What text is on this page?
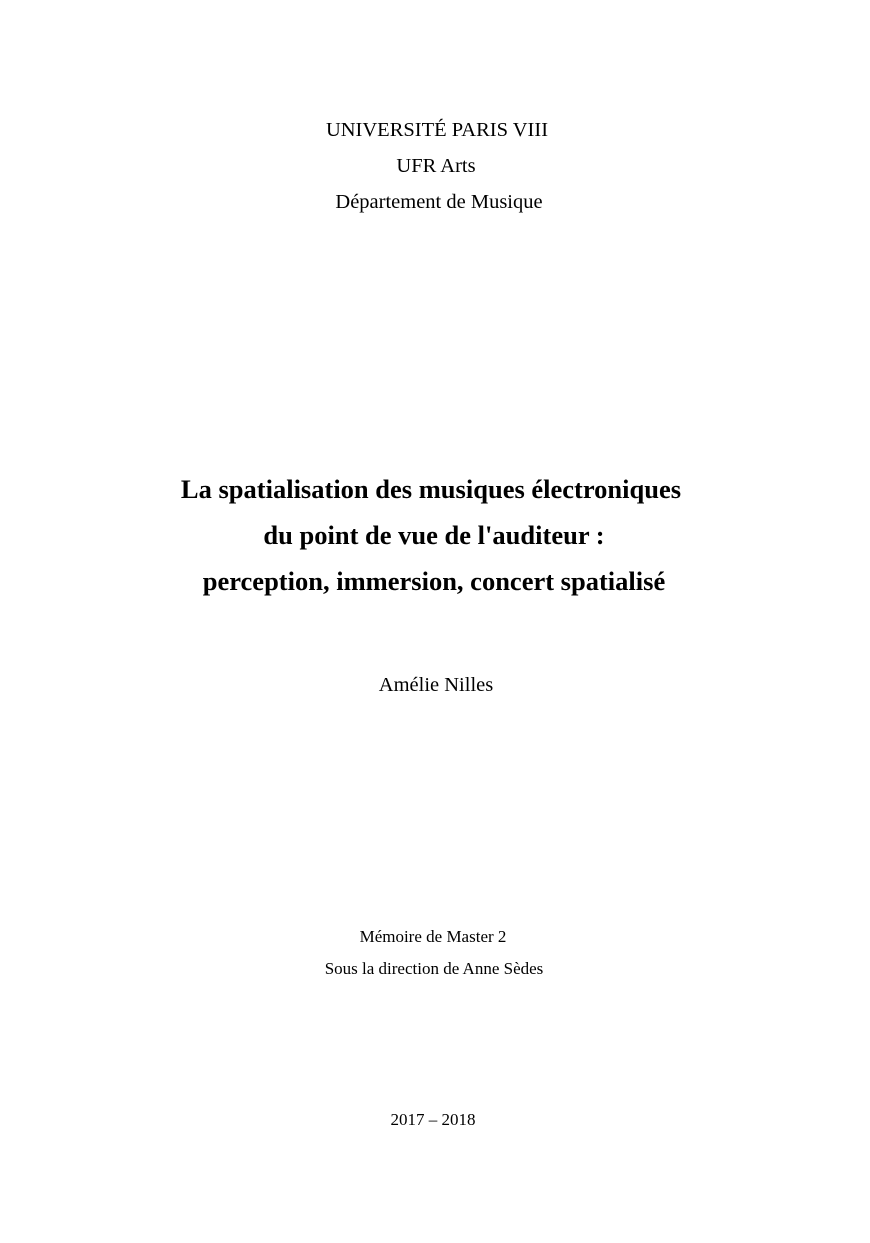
UNIVERSITÉ PARIS VIII
UFR Arts
Département de Musique
La spatialisation des musiques électroniques
du point de vue de l'auditeur :
perception, immersion, concert spatialisé
Amélie Nilles
Mémoire de Master 2
Sous la direction de Anne Sèdes
2017 – 2018
